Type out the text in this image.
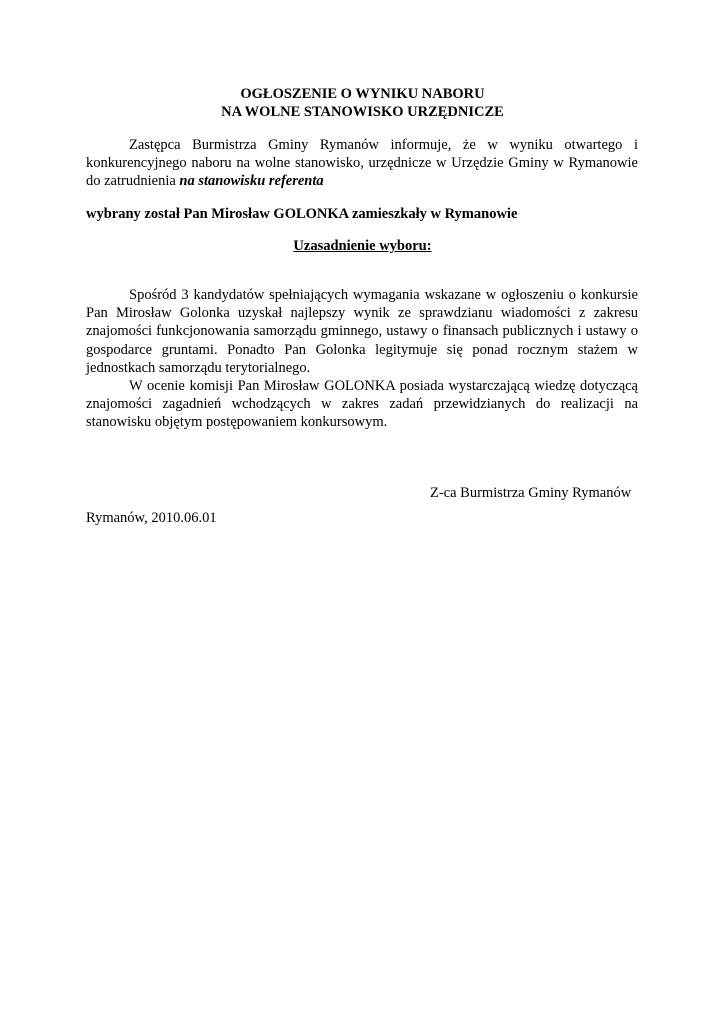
OGŁOSZENIE O WYNIKU NABORU
NA WOLNE STANOWISKO URZĘDNICZE
Zastępca Burmistrza Gminy Rymanów informuje, że w wyniku otwartego i konkurencyjnego naboru na wolne stanowisko, urzędnicze w Urzędzie Gminy w Rymanowie do zatrudnienia na stanowisku referenta
wybrany został Pan Mirosław GOLONKA zamieszkały w Rymanowie
Uzasadnienie wyboru:
Spośród 3 kandydatów spełniających wymagania wskazane w ogłoszeniu o konkursie Pan Mirosław Golonka uzyskał najlepszy wynik ze sprawdzianu wiadomości z zakresu znajomości funkcjonowania samorządu gminnego, ustawy o finansach publicznych i ustawy o gospodarce gruntami. Ponadto Pan Golonka legitymuje się ponad rocznym stażem w jednostkach samorządu terytorialnego.
W ocenie komisji Pan Mirosław GOLONKA posiada wystarczającą wiedzę dotyczącą znajomości zagadnień wchodzących w zakres zadań przewidzianych do realizacji na stanowisku objętym postępowaniem konkursowym.
Z-ca Burmistrza Gminy Rymanów
Rymanów, 2010.06.01
